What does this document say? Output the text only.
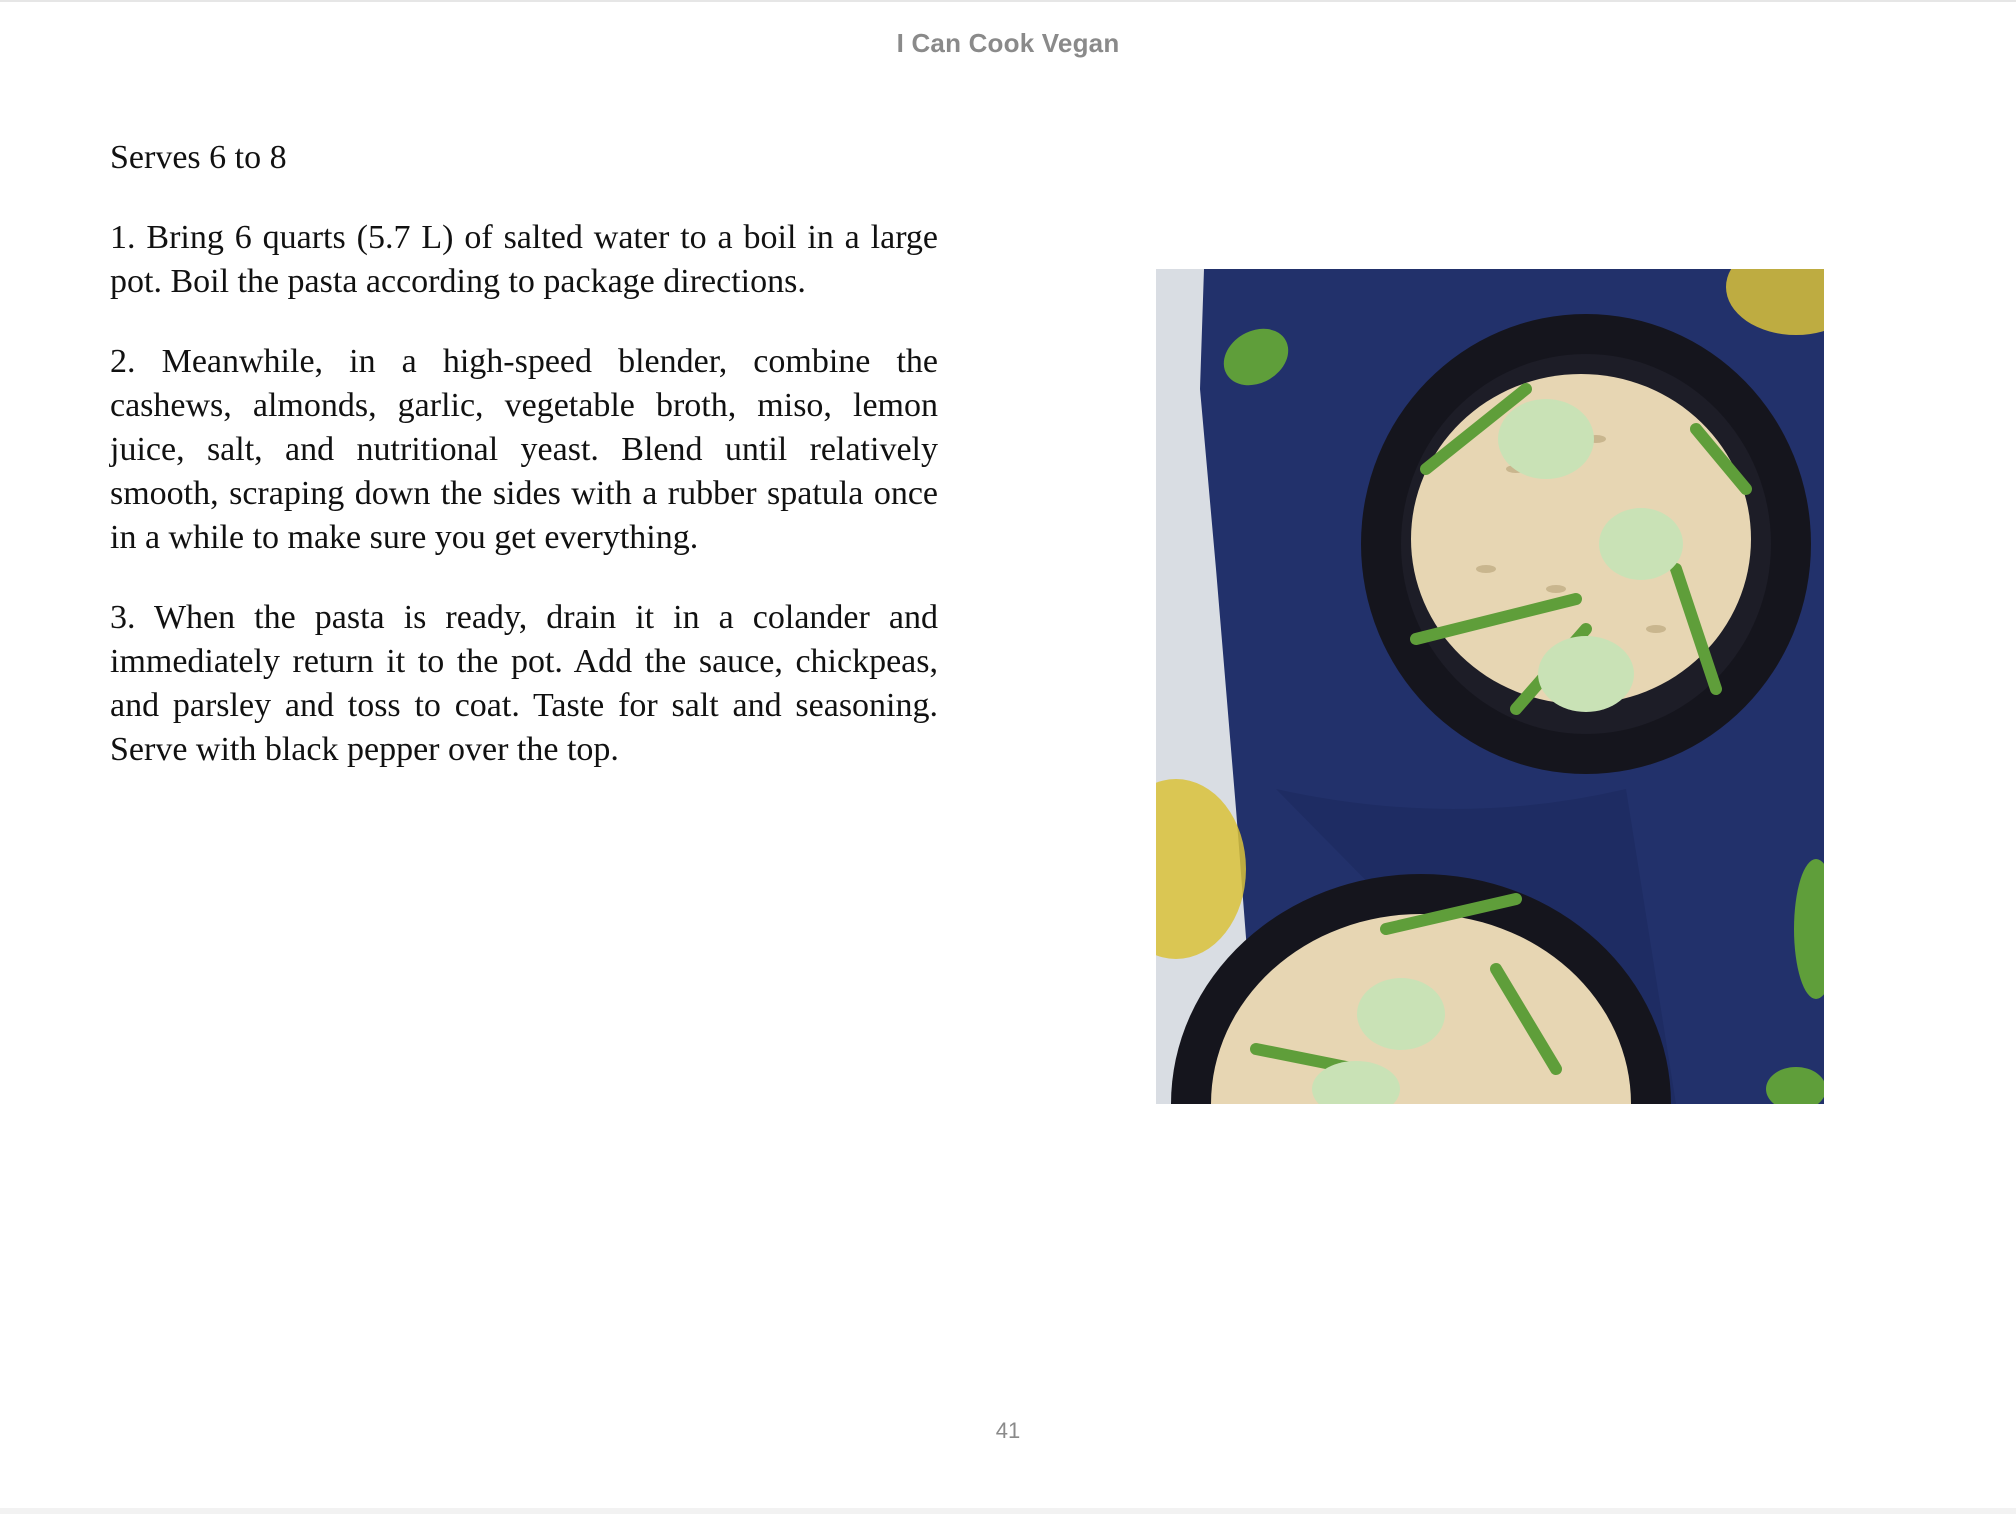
I Can Cook Vegan

Serves 6 to 8

1. Bring 6 quarts (5.7 L) of salted water to a boil in a large pot. Boil the pasta according to package directions.

2. Meanwhile, in a high-speed blender, combine the cashews, almonds, garlic, vegetable broth, miso, lemon juice, salt, and nutritional yeast. Blend until relatively smooth, scraping down the sides with a rubber spatula once in a while to make sure you get everything.

3. When the pasta is ready, drain it in a colander and immediately return it to the pot. Add the sauce, chickpeas, and parsley and toss to coat. Taste for salt and seasoning. Serve with black pepper over the top.

41
